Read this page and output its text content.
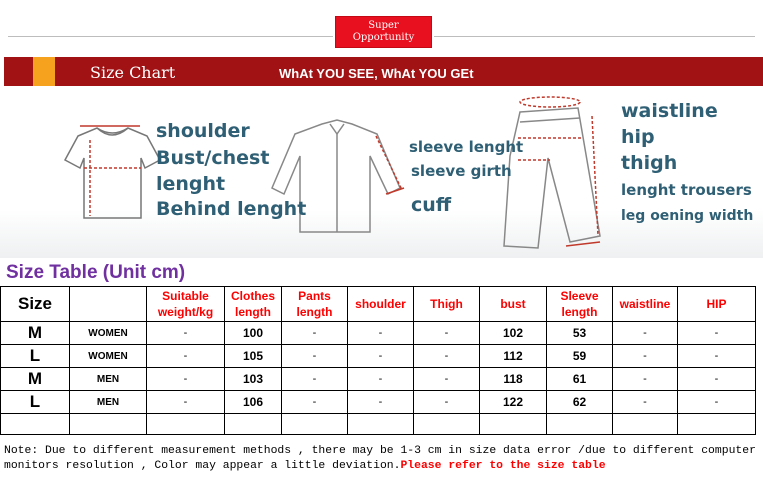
Super
Opportunity
Size Chart	WhAt YOU SEE, WhAt YOU GEt
shoulder
Bust/chest
lenght
Behind lenght
sleeve lenght
sleeve girth
cuff
waistline
hip
thigh
lenght trousers
leg oening width
Size Table (Unit cm)
Size		Suitable weight/kg	Clothes length	Pants length	shoulder	Thigh	bust	Sleeve length	waistline	HIP
M	WOMEN	-	100	-	-	-	102	53	-	-
L	WOMEN	-	105	-	-	-	112	59	-	-
M	MEN	-	103	-	-	-	118	61	-	-
L	MEN	-	106	-	-	-	122	62	-	-

Note: Due to different measurement methods , there may be 1-3 cm in size data error /due to different computer monitors resolution , Color may appear a little deviation.Please refer to the size table
